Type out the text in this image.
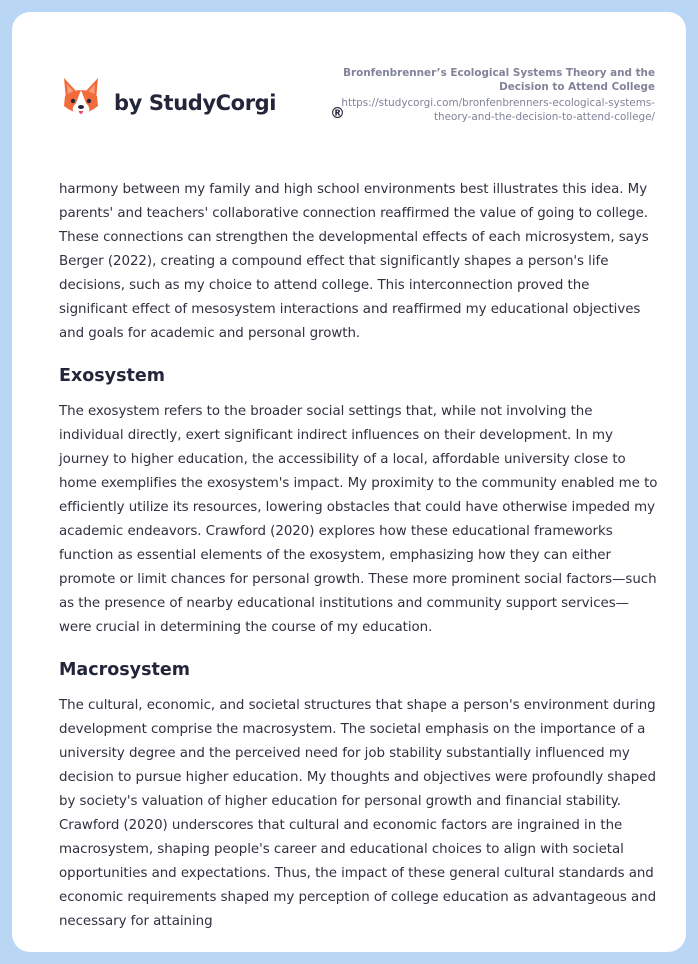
by StudyCorgi	®
Bronfenbrenner’s Ecological Systems Theory and the
Decision to Attend College
https://studycorgi.com/bronfenbrenners-ecological-systems-
theory-and-the-decision-to-attend-college/

harmony between my family and high school environments best illustrates this idea. My parents' and teachers' collaborative connection reaffirmed the value of going to college. These connections can strengthen the developmental effects of each microsystem, says Berger (2022), creating a compound effect that significantly shapes a person's life decisions, such as my choice to attend college. This interconnection proved the significant effect of mesosystem interactions and reaffirmed my educational objectives and goals for academic and personal growth.

Exosystem

The exosystem refers to the broader social settings that, while not involving the individual directly, exert significant indirect influences on their development. In my journey to higher education, the accessibility of a local, affordable university close to home exemplifies the exosystem's impact. My proximity to the community enabled me to efficiently utilize its resources, lowering obstacles that could have otherwise impeded my academic endeavors. Crawford (2020) explores how these educational frameworks function as essential elements of the exosystem, emphasizing how they can either promote or limit chances for personal growth. These more prominent social factors—such as the presence of nearby educational institutions and community support services—were crucial in determining the course of my education.

Macrosystem

The cultural, economic, and societal structures that shape a person's environment during development comprise the macrosystem. The societal emphasis on the importance of a university degree and the perceived need for job stability substantially influenced my decision to pursue higher education. My thoughts and objectives were profoundly shaped by society's valuation of higher education for personal growth and financial stability. Crawford (2020) underscores that cultural and economic factors are ingrained in the macrosystem, shaping people's career and educational choices to align with societal opportunities and expectations. Thus, the impact of these general cultural standards and economic requirements shaped my perception of college education as advantageous and necessary for attaining
